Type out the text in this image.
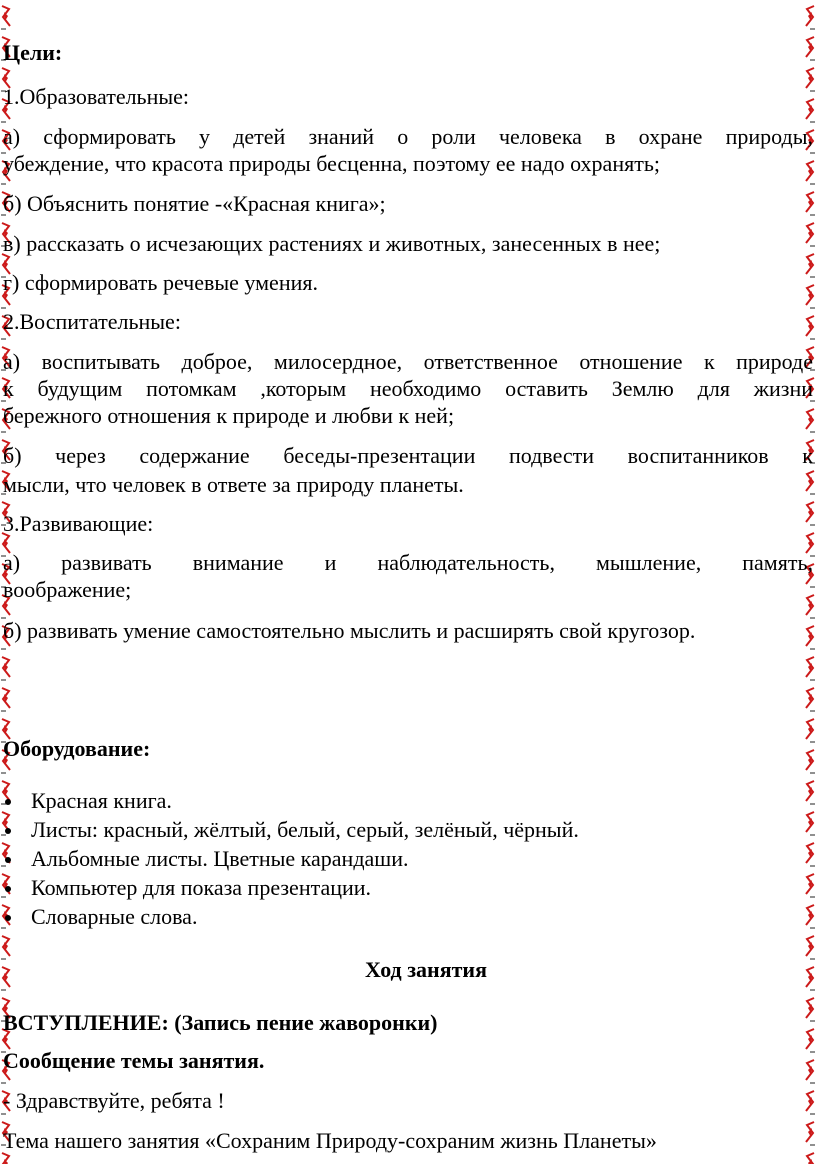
Цели:
1.Образовательные:
а) сформировать у детей знаний о роли человека в охране природы,
убеждение, что красота природы бесценна, поэтому ее надо охранять;
б) Объяснить понятие -«Красная книга»;
в) рассказать о исчезающих растениях и животных, занесенных в нее;
г) сформировать речевые умения.
2.Воспитательные:
а) воспитывать доброе, милосердное, ответственное отношение к природе
к будущим потомкам ,которым необходимо оставить Землю для жизни
бережного отношения к природе и любви к ней;
б) через содержание беседы-презентации подвести воспитанников к
мысли, что человек в ответе за природу планеты.
3.Развивающие:
а) развивать внимание и наблюдательность, мышление, память,
воображение;
б) развивать умение самостоятельно мыслить и расширять свой кругозор.
Оборудование:
Красная книга.
Листы: красный, жёлтый, белый, серый, зелёный, чёрный.
Альбомные листы. Цветные карандаши.
Компьютер для показа презентации.
Словарные слова.
Ход занятия
ВСТУПЛЕНИЕ: (Запись пение жаворонки)
Сообщение темы занятия.
- Здравствуйте, ребята !
Тема нашего занятия «Сохраним Природу-сохраним жизнь Планеты»
